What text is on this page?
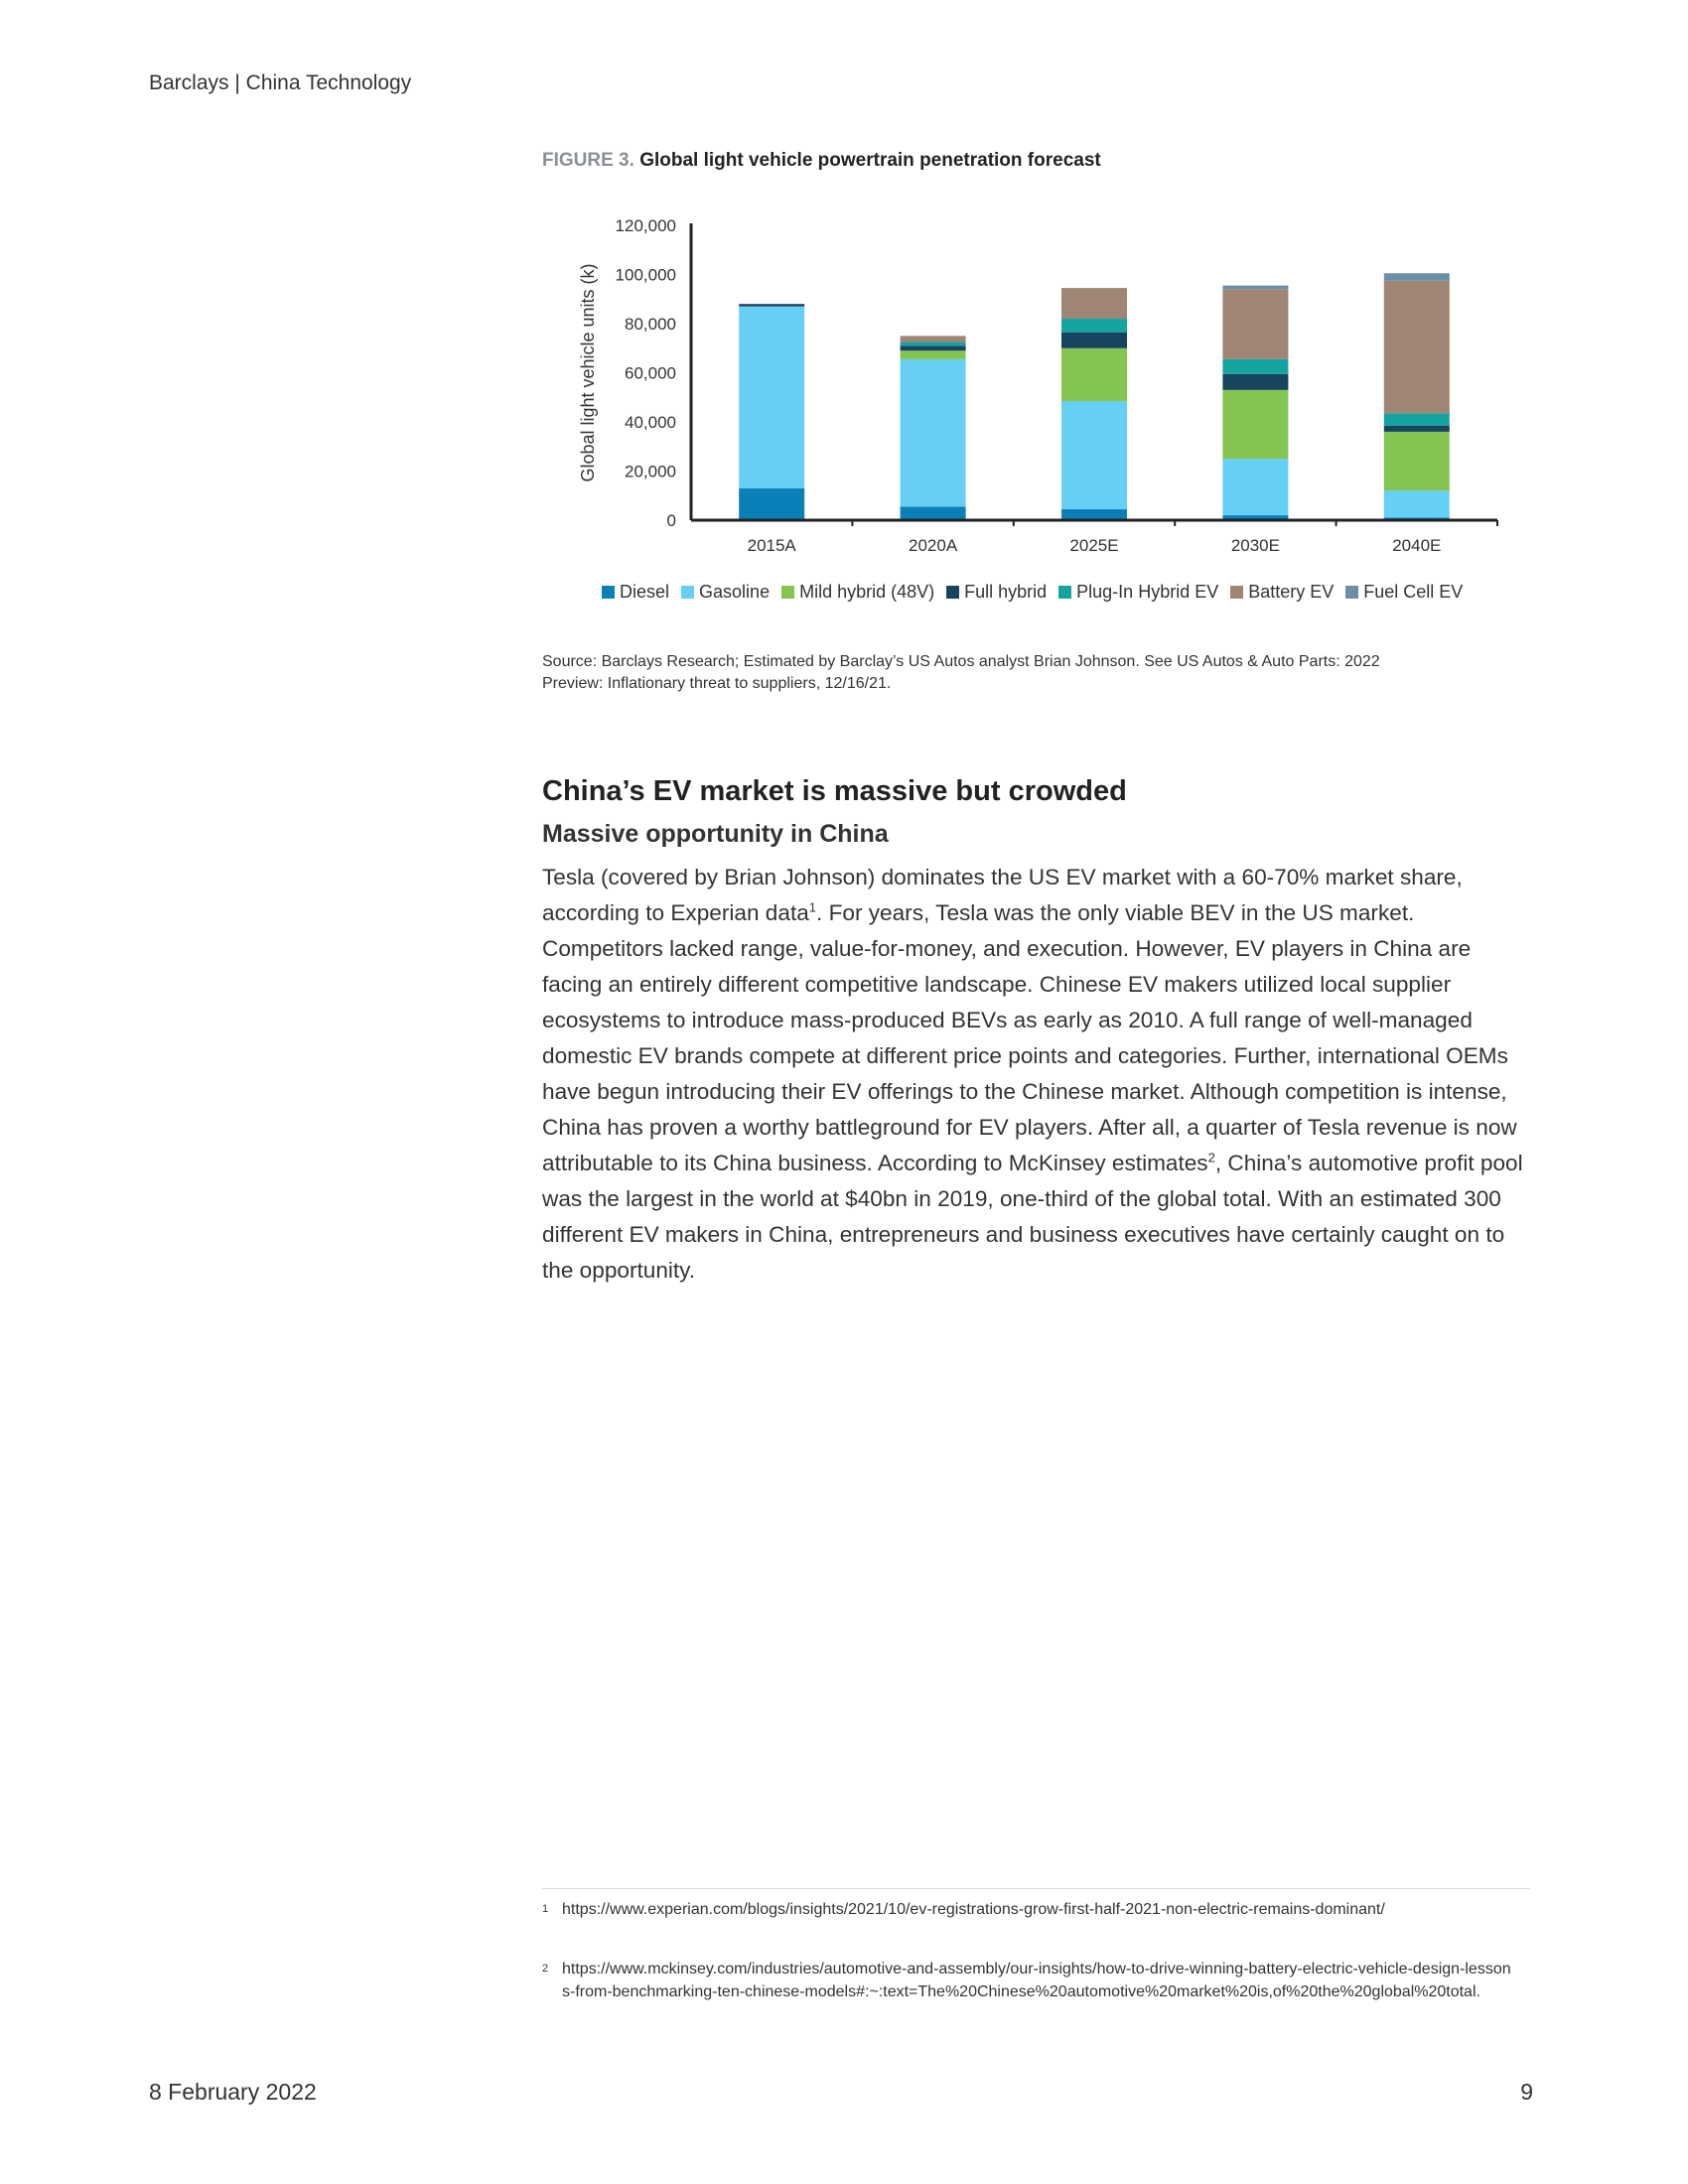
Barclays | China Technology
FIGURE 3. Global light vehicle powertrain penetration forecast
Global light vehicle units (k)
0
20,000
40,000
60,000
80,000
100,000
120,000
2015A	2020A	2025E	2030E	2040E
Diesel Gasoline Mild hybrid (48V) Full hybrid Plug-In Hybrid EV Battery EV Fuel Cell EV
Source: Barclays Research; Estimated by Barclay’s US Autos analyst Brian Johnson. See US Autos & Auto Parts: 2022
Preview: Inflationary threat to suppliers, 12/16/21.
China’s EV market is massive but crowded
Massive opportunity in China
Tesla (covered by Brian Johnson) dominates the US EV market with a 60-70% market share, according to Experian data$^1$. For years, Tesla was the only viable BEV in the US market. Competitors lacked range, value-for-money, and execution. However, EV players in China are facing an entirely different competitive landscape. Chinese EV makers utilized local supplier ecosystems to introduce mass-produced BEVs as early as 2010. A full range of well-managed domestic EV brands compete at different price points and categories. Further, international OEMs have begun introducing their EV offerings to the Chinese market. Although competition is intense, China has proven a worthy battleground for EV players. After all, a quarter of Tesla revenue is now attributable to its China business. According to McKinsey estimates$^2$, China’s automotive profit pool was the largest in the world at $40bn in 2019, one-third of the global total. With an estimated 300 different EV makers in China, entrepreneurs and business executives have certainly caught on to the opportunity.
1 https://www.experian.com/blogs/insights/2021/10/ev-registrations-grow-first-half-2021-non-electric-remains-dominant/
2 https://www.mckinsey.com/industries/automotive-and-assembly/our-insights/how-to-drive-winning-battery-electric-vehicle-design-lessons-from-benchmarking-ten-chinese-models#:~:text=The%20Chinese%20automotive%20market%20is,of%20the%20global%20total.
8 February 2022	9
